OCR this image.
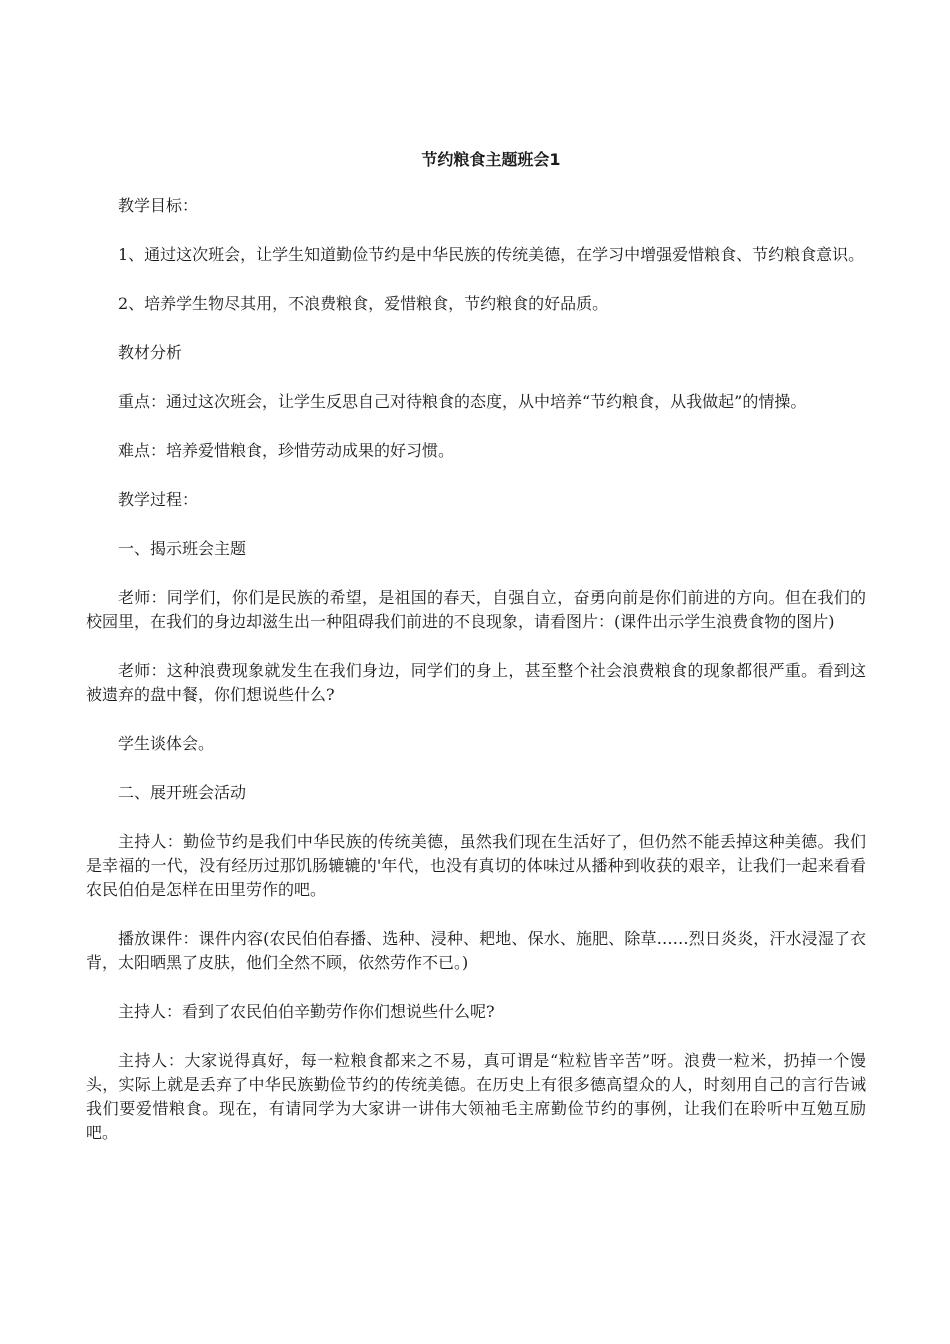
节约粮食主题班会1

教学目标：

1、通过这次班会，让学生知道勤俭节约是中华民族的传统美德，在学习中增强爱惜粮食、节约粮食意识。

2、培养学生物尽其用，不浪费粮食，爱惜粮食，节约粮食的好品质。

教材分析

重点：通过这次班会，让学生反思自己对待粮食的态度，从中培养“节约粮食，从我做起”的情操。

难点：培养爱惜粮食，珍惜劳动成果的好习惯。

教学过程：

一、揭示班会主题

老师：同学们，你们是民族的希望，是祖国的春天，自强自立，奋勇向前是你们前进的方向。但在我们的校园里，在我们的身边却滋生出一种阻碍我们前进的不良现象，请看图片：(课件出示学生浪费食物的图片)

老师：这种浪费现象就发生在我们身边，同学们的身上，甚至整个社会浪费粮食的现象都很严重。看到这被遗弃的盘中餐，你们想说些什么?

学生谈体会。

二、展开班会活动

主持人：勤俭节约是我们中华民族的传统美德，虽然我们现在生活好了，但仍然不能丢掉这种美德。我们是幸福的一代，没有经历过那饥肠辘辘的'年代，也没有真切的体味过从播种到收获的艰辛，让我们一起来看看农民伯伯是怎样在田里劳作的吧。

播放课件：课件内容(农民伯伯春播、选种、浸种、耙地、保水、施肥、除草……烈日炎炎，汗水浸湿了衣背，太阳晒黑了皮肤，他们全然不顾，依然劳作不已。)

主持人：看到了农民伯伯辛勤劳作你们想说些什么呢?

主持人：大家说得真好，每一粒粮食都来之不易，真可谓是“粒粒皆辛苦”呀。浪费一粒米，扔掉一个馒头，实际上就是丢弃了中华民族勤俭节约的传统美德。在历史上有很多德高望众的人，时刻用自己的言行告诫我们要爱惜粮食。现在，有请同学为大家讲一讲伟大领袖毛主席勤俭节约的事例，让我们在聆听中互勉互励吧。
